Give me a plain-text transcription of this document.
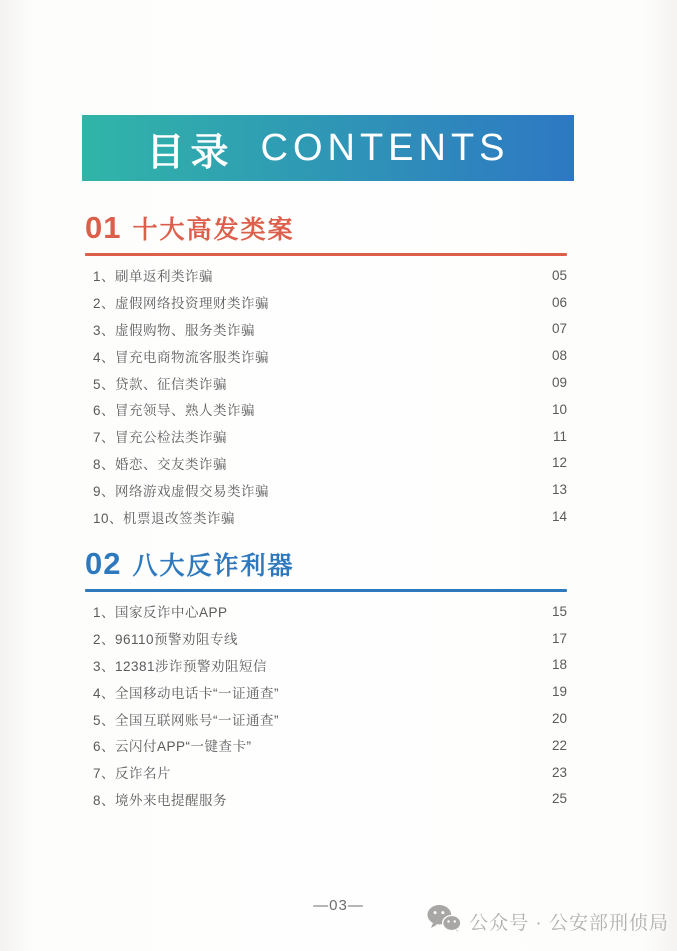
目录 CONTENTS
01 十大高发类案
1、刷单返利类诈骗	05
2、虚假网络投资理财类诈骗	06
3、虚假购物、服务类诈骗	07
4、冒充电商物流客服类诈骗	08
5、贷款、征信类诈骗	09
6、冒充领导、熟人类诈骗	10
7、冒充公检法类诈骗	11
8、婚恋、交友类诈骗	12
9、网络游戏虚假交易类诈骗	13
10、机票退改签类诈骗	14
02 八大反诈利器
1、国家反诈中心APP	15
2、96110预警劝阻专线	17
3、12381涉诈预警劝阻短信	18
4、全国移动电话卡“一证通查”	19
5、全国互联网账号“一证通查”	20
6、云闪付APP“一键查卡”	22
7、反诈名片	23
8、境外来电提醒服务	25
—03—
公众号 · 公安部刑侦局
